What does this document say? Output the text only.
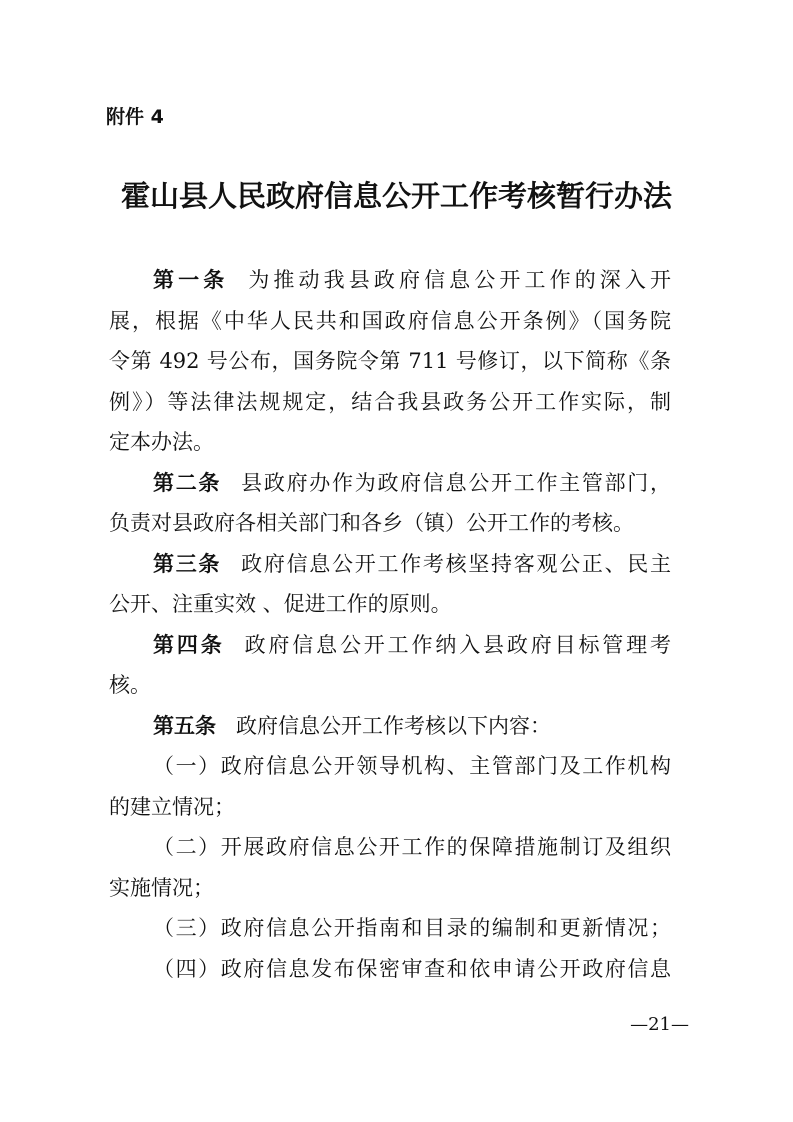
附件 4
霍山县人民政府信息公开工作考核暂行办法
第一条 为推动我县政府信息公开工作的深入开
展，根据《中华人民共和国政府信息公开条例》（国务院
令第 492 号公布，国务院令第 711 号修订，以下简称《条
例》）等法律法规规定，结合我县政务公开工作实际，制
定本办法。
第二条 县政府办作为政府信息公开工作主管部门，
负责对县政府各相关部门和各乡（镇）公开工作的考核。
第三条 政府信息公开工作考核坚持客观公正、民主
公开、注重实效 、促进工作的原则。
第四条 政府信息公开工作纳入县政府目标管理考
核。
第五条 政府信息公开工作考核以下内容：
（一）政府信息公开领导机构、主管部门及工作机构
的建立情况；
（二）开展政府信息公开工作的保障措施制订及组织
实施情况；
（三）政府信息公开指南和目录的编制和更新情况；
（四）政府信息发布保密审查和依申请公开政府信息
—21—
